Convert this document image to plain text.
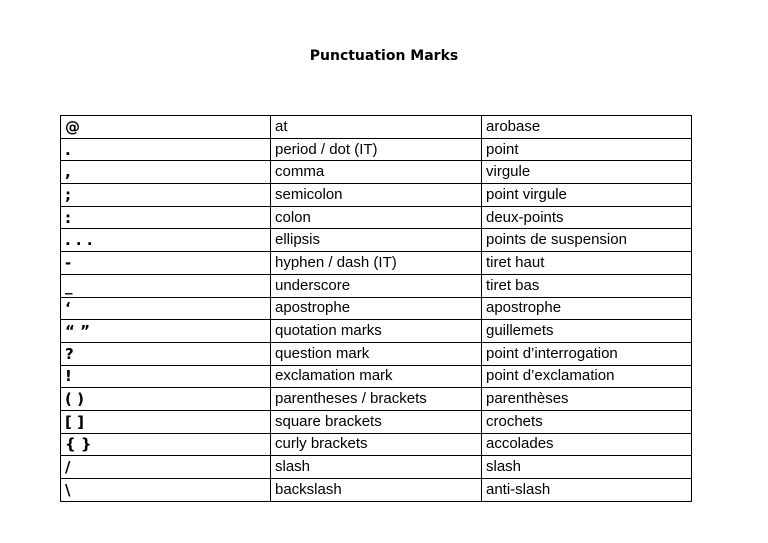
Punctuation Marks
@	at	arobase
.	period / dot (IT)	point
,	comma	virgule
;	semicolon	point virgule
:	colon	deux-points
. . .	ellipsis	points de suspension
-	hyphen / dash (IT)	tiret haut
_	underscore	tiret bas
‘	apostrophe	apostrophe
“ ”	quotation marks	guillemets
?	question mark	point d’interrogation
!	exclamation mark	point d’exclamation
( )	parentheses / brackets	parenthèses
[ ]	square brackets	crochets
{ }	curly brackets	accolades
/	slash	slash
\	backslash	anti-slash
